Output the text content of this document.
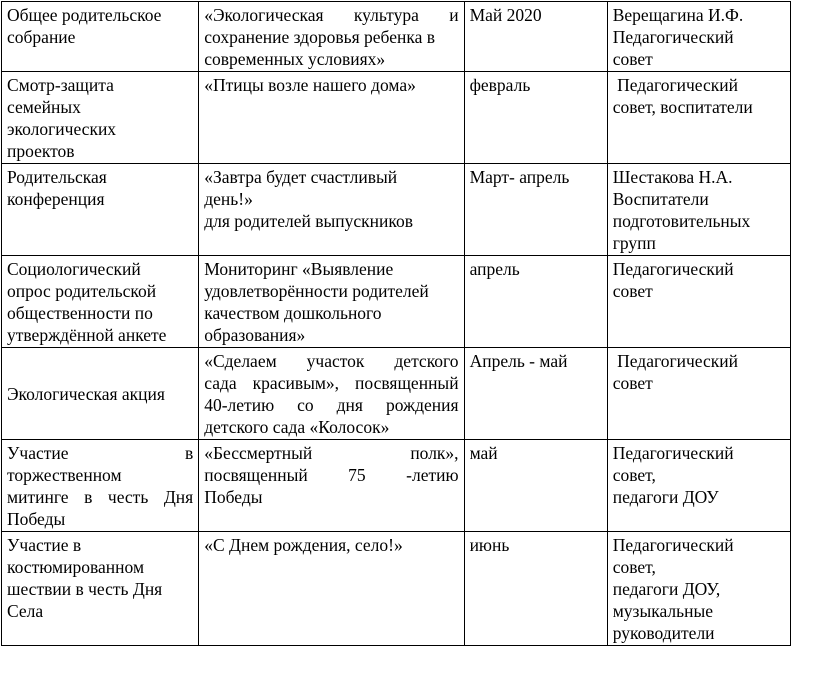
Общее родительское
собрание	«Экологическая культура и
сохранение здоровья ребенка в
современных условиях»	Май 2020	Верещагина И.Ф.
Педагогический
совет

Смотр-защита
семейных
экологических
проектов	«Птицы возле нашего дома»	февраль	Педагогический
совет, воспитатели

Родительская
конференция	«Завтра будет счастливый
день!»
для родителей выпускников	Март- апрель	Шестакова Н.А.
Воспитатели
подготовительных
групп

Социологический
опрос родительской
общественности по
утверждённой анкете	Мониторинг «Выявление
удовлетворённости родителей
качеством дошкольного
образования»	апрель	Педагогический
совет

Экологическая акция	«Сделаем участок детского
сада красивым», посвященный
40-летию со дня рождения
детского сада «Колосок»	Апрель - май	Педагогический
совет

Участие в
торжественном
митинге в честь Дня
Победы	«Бессмертный полк»,
посвященный 75 -летию
Победы	май	Педагогический
совет,
педагоги ДОУ

Участие в
костюмированном
шествии в честь Дня
Села	«С Днем рождения, село!»	июнь	Педагогический
совет,
педагоги ДОУ,
музыкальные
руководители
